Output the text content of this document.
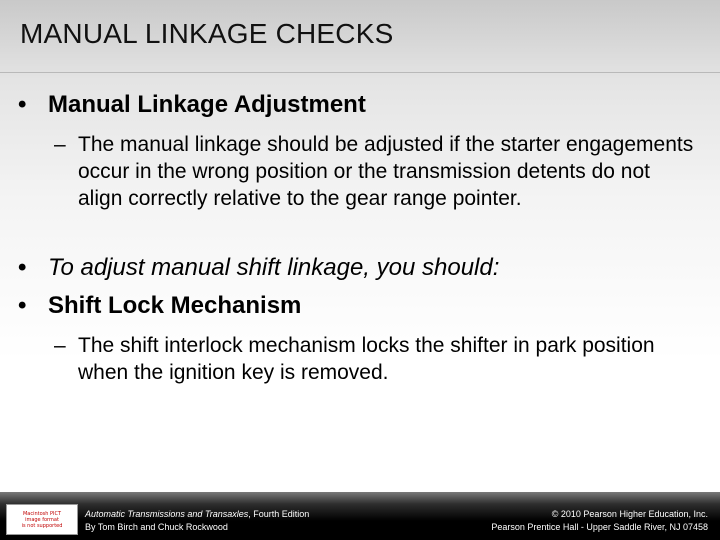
MANUAL LINKAGE CHECKS
• Manual Linkage Adjustment
– The manual linkage should be adjusted if the starter engagements occur in the wrong position or the transmission detents do not align correctly relative to the gear range pointer.
• To adjust manual shift linkage, you should:
• Shift Lock Mechanism
– The shift interlock mechanism locks the shifter in park position when the ignition key is removed.
Macintosh PICT
image format
is not supported
Automatic Transmissions and Transaxles, Fourth Edition
By Tom Birch and Chuck Rockwood
© 2010 Pearson Higher Education, Inc.
Pearson Prentice Hall - Upper Saddle River, NJ 07458
